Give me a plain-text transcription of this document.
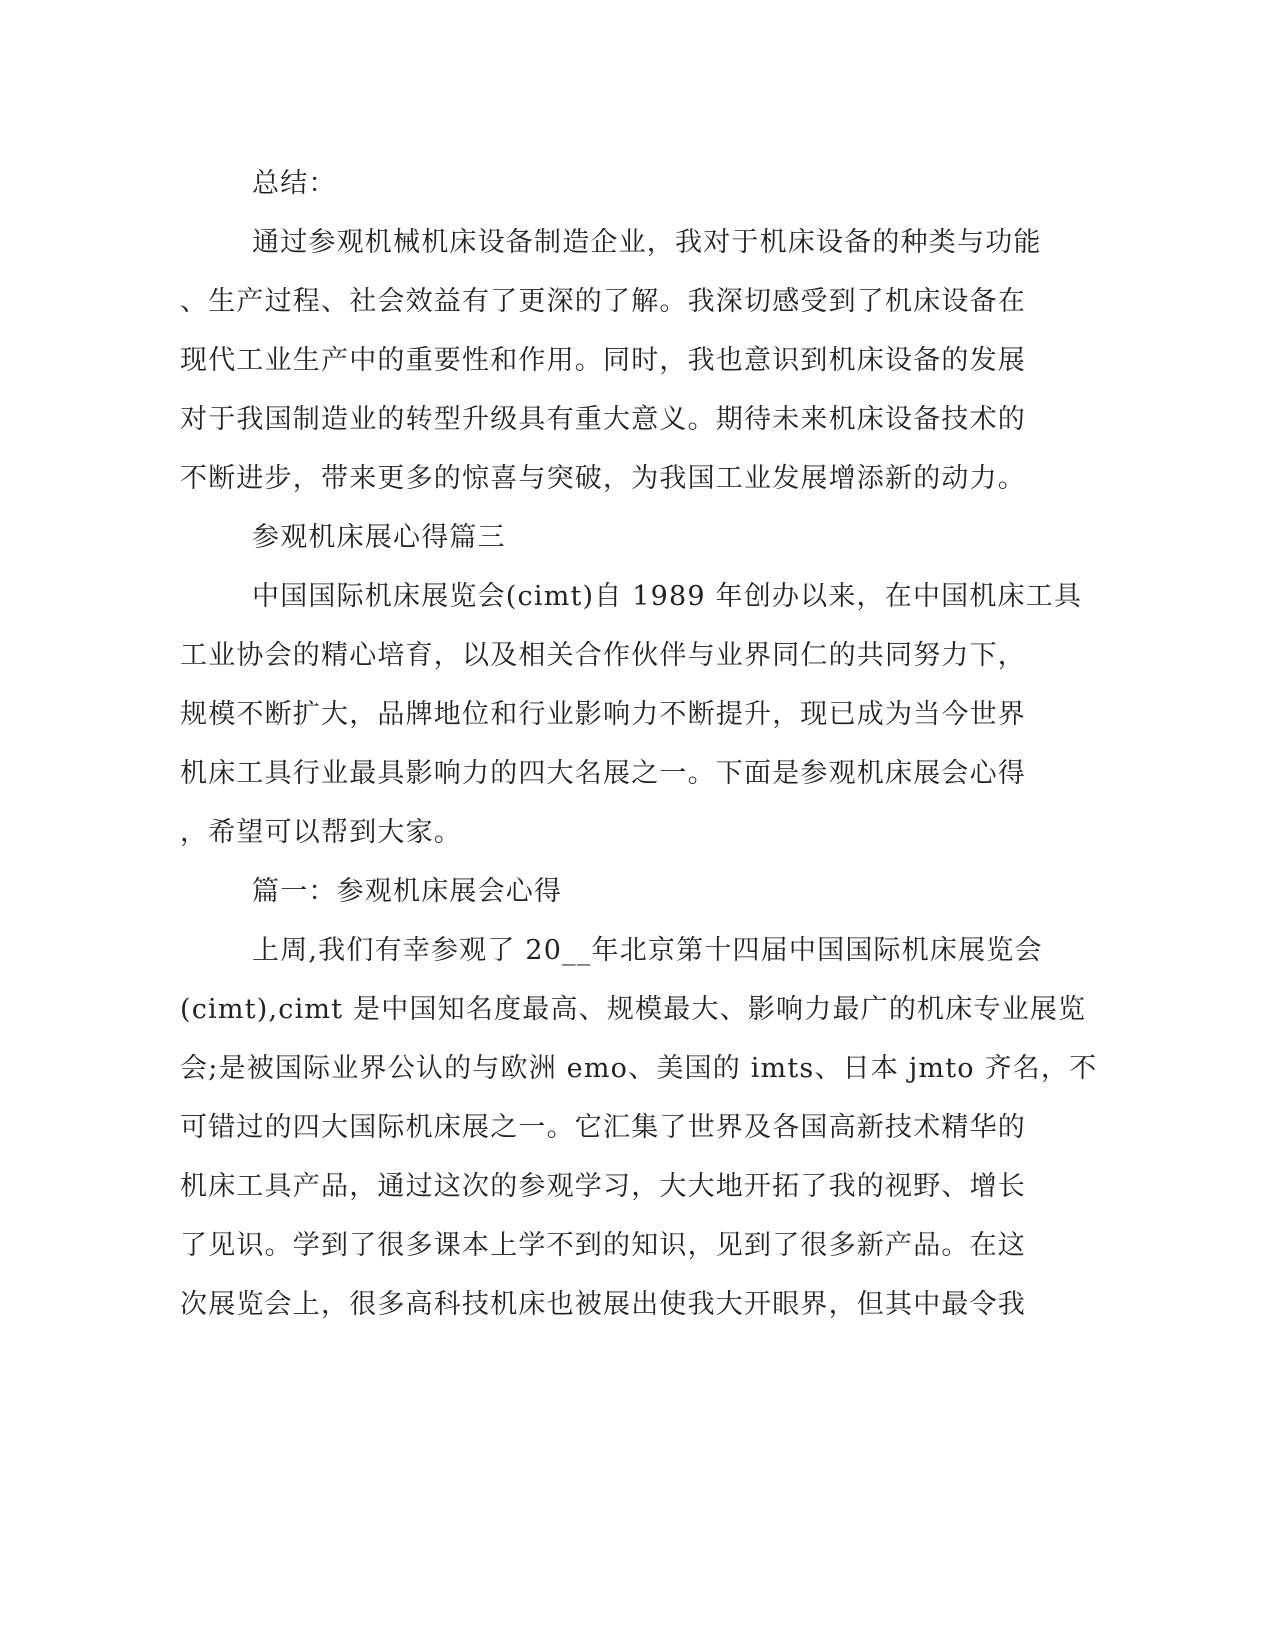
总结：
通过参观机械机床设备制造企业，我对于机床设备的种类与功能
、生产过程、社会效益有了更深的了解。我深切感受到了机床设备在
现代工业生产中的重要性和作用。同时，我也意识到机床设备的发展
对于我国制造业的转型升级具有重大意义。期待未来机床设备技术的
不断进步，带来更多的惊喜与突破，为我国工业发展增添新的动力。
参观机床展心得篇三
中国国际机床展览会(cimt)自 1989 年创办以来，在中国机床工具
工业协会的精心培育，以及相关合作伙伴与业界同仁的共同努力下，
规模不断扩大，品牌地位和行业影响力不断提升，现已成为当今世界
机床工具行业最具影响力的四大名展之一。下面是参观机床展会心得
，希望可以帮到大家。
篇一：参观机床展会心得
上周,我们有幸参观了 20__年北京第十四届中国国际机床展览会
(cimt),cimt 是中国知名度最高、规模最大、影响力最广的机床专业展览
会;是被国际业界公认的与欧洲 emo、美国的 imts、日本 jmto 齐名，不
可错过的四大国际机床展之一。它汇集了世界及各国高新技术精华的
机床工具产品，通过这次的参观学习，大大地开拓了我的视野、增长
了见识。学到了很多课本上学不到的知识，见到了很多新产品。在这
次展览会上，很多高科技机床也被展出使我大开眼界，但其中最令我
